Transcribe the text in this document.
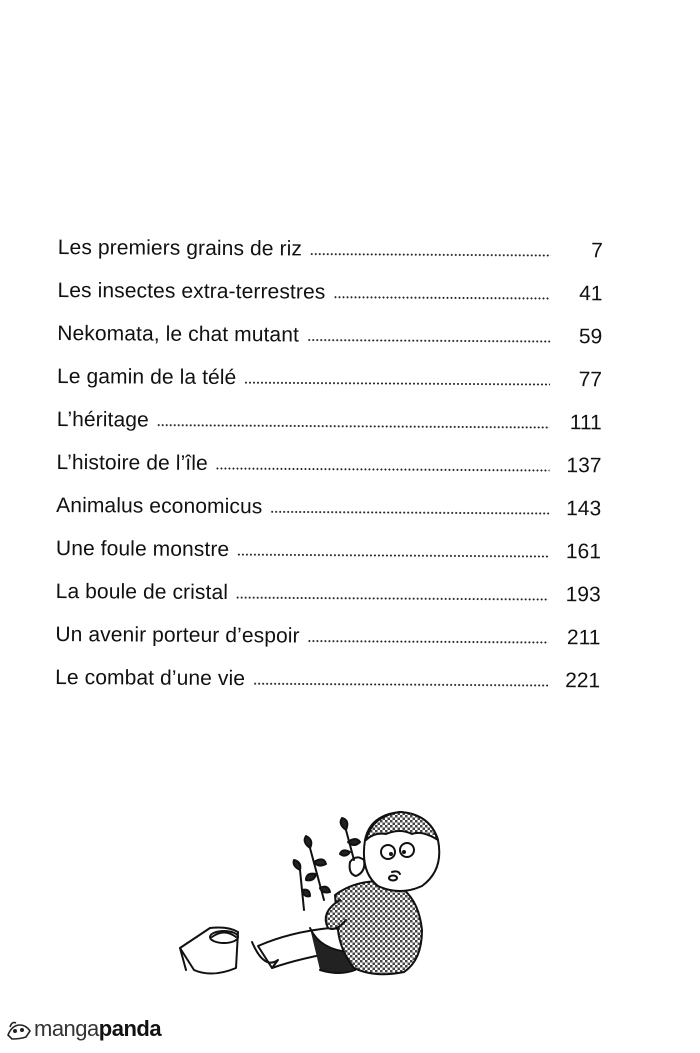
Les premiers grains de riz	7
Les insectes extra-terrestres	41
Nekomata, le chat mutant	59
Le gamin de la télé	77
L’héritage	111
L’histoire de l’île	137
Animalus economicus	143
Une foule monstre	161
La boule de cristal	193
Un avenir porteur d’espoir	211
Le combat d’une vie	221
manga panda
